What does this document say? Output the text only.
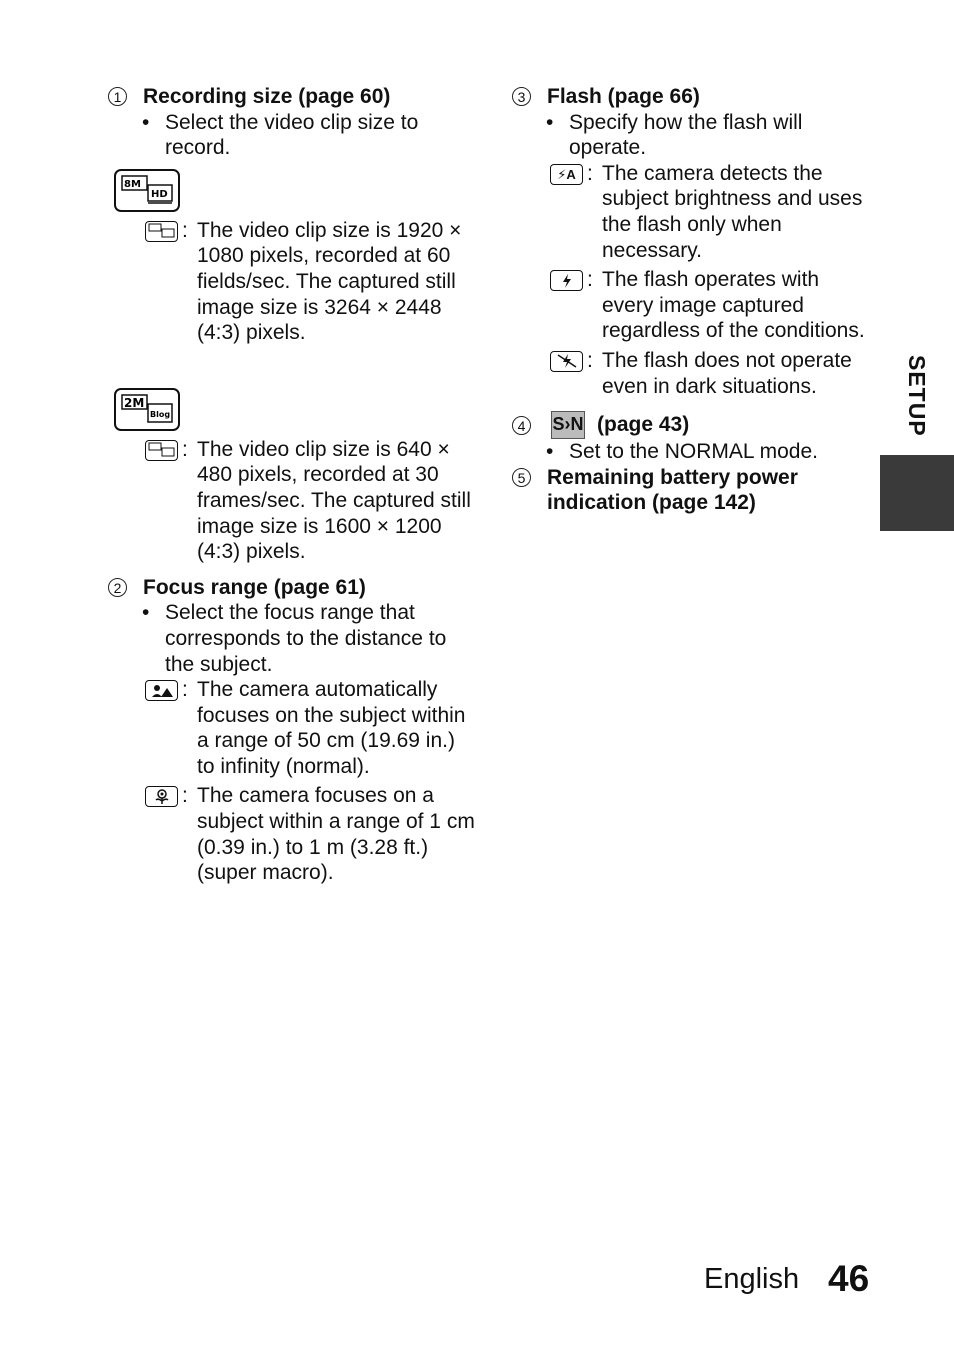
1 Recording size (page 60)
• Select the video clip size to record.
8M
HD
: The video clip size is 1920 × 1080 pixels, recorded at 60 fields/sec. The captured still image size is 3264 × 2448 (4:3) pixels.
2M
Blog
: The video clip size is 640 × 480 pixels, recorded at 30 frames/sec. The captured still image size is 1600 × 1200 (4:3) pixels.
2 Focus range (page 61)
• Select the focus range that corresponds to the distance to the subject.
: The camera automatically focuses on the subject within a range of 50 cm (19.69 in.) to infinity (normal).
: The camera focuses on a subject within a range of 1 cm (0.39 in.) to 1 m (3.28 ft.) (super macro).
3 Flash (page 66)
• Specify how the flash will operate.
⚡A : The camera detects the subject brightness and uses the flash only when necessary.
: The flash operates with every image captured regardless of the conditions.
: The flash does not operate even in dark situations.
4	S›N (page 43)
• Set to the NORMAL mode.
5 Remaining battery power indication (page 142)
SETUP
English 46
